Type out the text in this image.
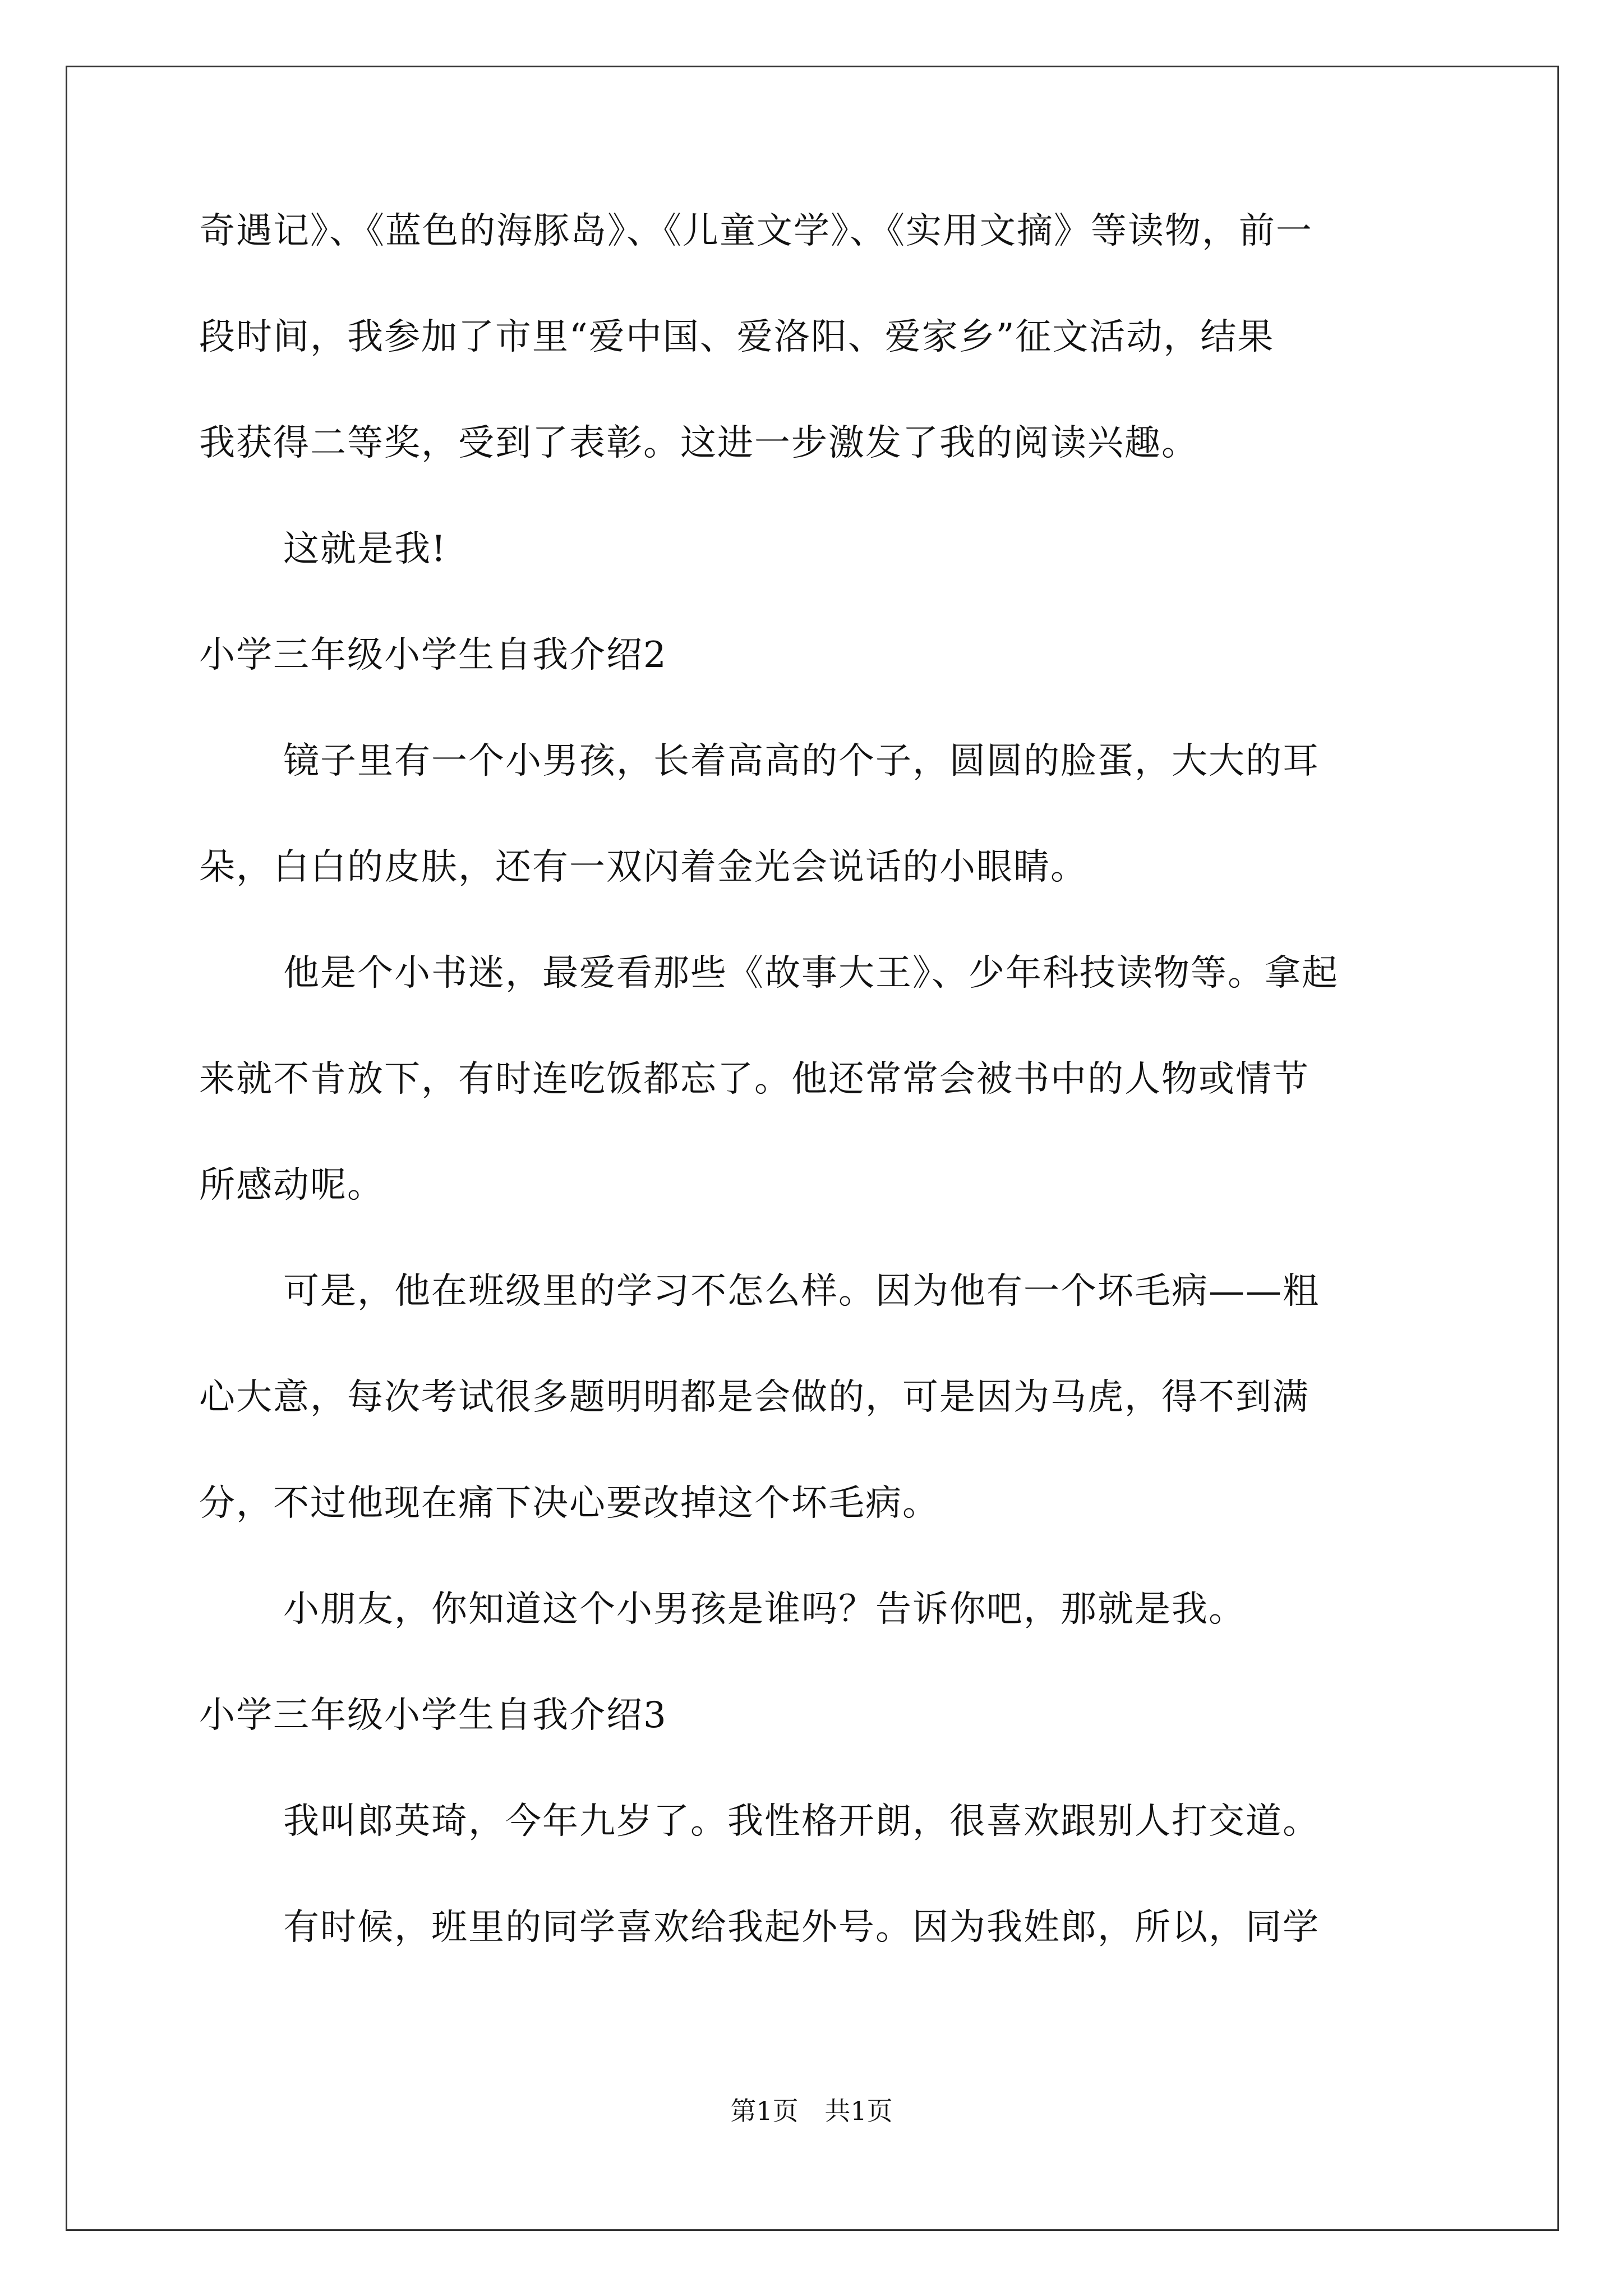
奇遇记》、《蓝色的海豚岛》、《儿童文学》、《实用文摘》等读物，前一
段时间，我参加了市里“爱中国、爱洛阳、爱家乡”征文活动，结果
我获得二等奖，受到了表彰。这进一步激发了我的阅读兴趣。
这就是我!
小学三年级小学生自我介绍2
镜子里有一个小男孩，长着高高的个子，圆圆的脸蛋，大大的耳
朵，白白的皮肤，还有一双闪着金光会说话的小眼睛。
他是个小书迷，最爱看那些《故事大王》、少年科技读物等。拿起
来就不肯放下，有时连吃饭都忘了。他还常常会被书中的人物或情节
所感动呢。
可是，他在班级里的学习不怎么样。因为他有一个坏毛病——粗
心大意，每次考试很多题明明都是会做的，可是因为马虎，得不到满
分，不过他现在痛下决心要改掉这个坏毛病。
小朋友，你知道这个小男孩是谁吗？告诉你吧，那就是我。
小学三年级小学生自我介绍3
我叫郎英琦，今年九岁了。我性格开朗，很喜欢跟别人打交道。
有时候，班里的同学喜欢给我起外号。因为我姓郎，所以，同学
第1页 共1页
